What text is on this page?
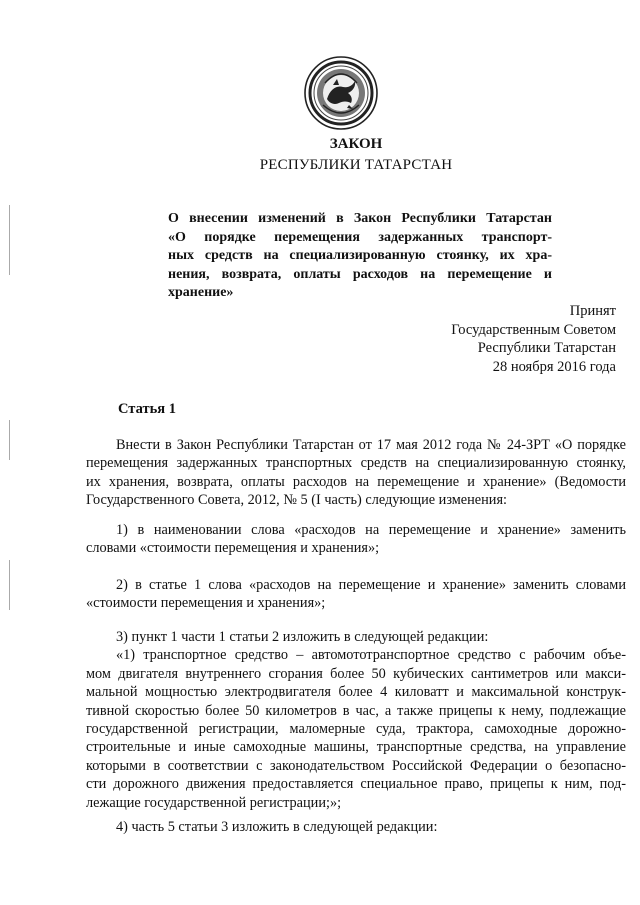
ЗАКОН
РЕСПУБЛИКИ ТАТАРСТАН
О внесении изменений в Закон Республики Татарстан
«О порядке перемещения задержанных транспорт-
ных средств на специализированную стоянку, их хра-
нения, возврата, оплаты расходов на перемещение и
хранение»
Принят
Государственным Советом
Республики Татарстан
28 ноября 2016 года
Статья 1
Внести в Закон Республики Татарстан от 17 мая 2012 года № 24-ЗРТ «О порядке
перемещения задержанных транспортных средств на специализированную стоянку,
их хранения, возврата, оплаты расходов на перемещение и хранение» (Ведомости
Государственного Совета, 2012, № 5 (I часть) следующие изменения:
1) в наименовании слова «расходов на перемещение и хранение» заменить
словами «стоимости перемещения и хранения»;
2) в статье 1 слова «расходов на перемещение и хранение» заменить словами
«стоимости перемещения и хранения»;
3) пункт 1 части 1 статьи 2 изложить в следующей редакции:
«1) транспортное средство – автомототранспортное средство с рабочим объе-
мом двигателя внутреннего сгорания более 50 кубических сантиметров или макси-
мальной мощностью электродвигателя более 4 киловатт и максимальной конструк-
тивной скоростью более 50 километров в час, а также прицепы к нему, подлежащие
государственной регистрации, маломерные суда, трактора, самоходные дорожно-
строительные и иные самоходные машины, транспортные средства, на управление
которыми в соответствии с законодательством Российской Федерации о безопасно-
сти дорожного движения предоставляется специальное право, прицепы к ним, под-
лежащие государственной регистрации;»;
4) часть 5 статьи 3 изложить в следующей редакции:
